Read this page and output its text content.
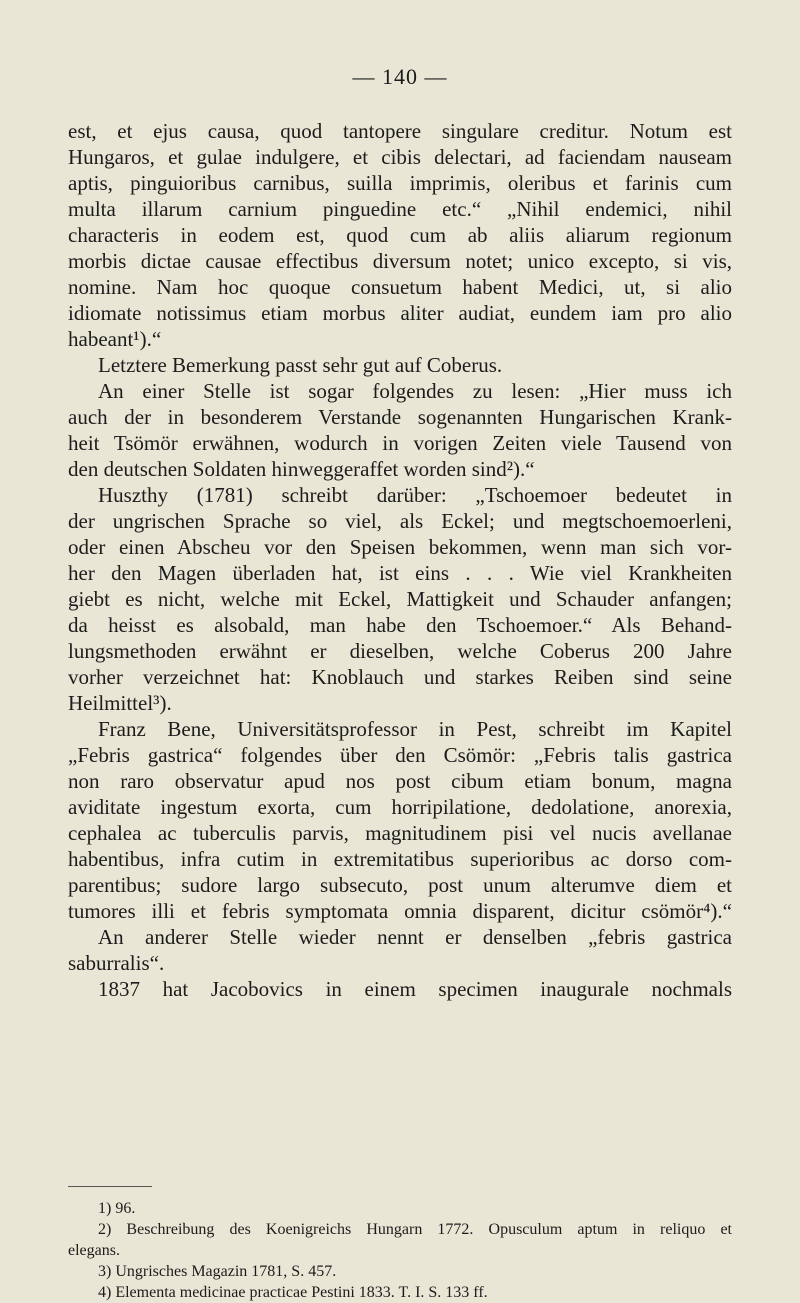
— 140 —
est, et ejus causa, quod tantopere singulare creditur. Notum est
Hungaros, et gulae indulgere, et cibis delectari, ad faciendam nauseam
aptis, pinguioribus carnibus, suilla imprimis, oleribus et farinis cum
multa illarum carnium pinguedine etc.“ „Nihil endemici, nihil
characteris in eodem est, quod cum ab aliis aliarum regionum
morbis dictae causae effectibus diversum notet; unico excepto, si vis,
nomine. Nam hoc quoque consuetum habent Medici, ut, si alio
idiomate notissimus etiam morbus aliter audiat, eundem iam pro alio
habeant¹).“
Letztere Bemerkung passt sehr gut auf Coberus.
An einer Stelle ist sogar folgendes zu lesen: „Hier muss ich
auch der in besonderem Verstande sogenannten Hungarischen Krank-
heit Tsömör erwähnen, wodurch in vorigen Zeiten viele Tausend von
den deutschen Soldaten hinweggeraffet worden sind²).“
Huszthy (1781) schreibt darüber: „Tschoemoer bedeutet in
der ungrischen Sprache so viel, als Eckel; und megtschoemoerleni,
oder einen Abscheu vor den Speisen bekommen, wenn man sich vor-
her den Magen überladen hat, ist eins . . . Wie viel Krankheiten
giebt es nicht, welche mit Eckel, Mattigkeit und Schauder anfangen;
da heisst es alsobald, man habe den Tschoemoer.“ Als Behand-
lungsmethoden erwähnt er dieselben, welche Coberus 200 Jahre
vorher verzeichnet hat: Knoblauch und starkes Reiben sind seine
Heilmittel³).
Franz Bene, Universitätsprofessor in Pest, schreibt im Kapitel
„Febris gastrica“ folgendes über den Csömör: „Febris talis gastrica
non raro observatur apud nos post cibum etiam bonum, magna
aviditate ingestum exorta, cum horripilatione, dedolatione, anorexia,
cephalea ac tuberculis parvis, magnitudinem pisi vel nucis avellanae
habentibus, infra cutim in extremitatibus superioribus ac dorso com-
parentibus; sudore largo subsecuto, post unum alterumve diem et
tumores illi et febris symptomata omnia disparent, dicitur csömör⁴).“
An anderer Stelle wieder nennt er denselben „febris gastrica
saburralis“.
1837 hat Jacobovics in einem specimen inaugurale nochmals
1) 96.
2) Beschreibung des Koenigreichs Hungarn 1772. Opusculum aptum in reliquo et
elegans.
3) Ungrisches Magazin 1781, S. 457.
4) Elementa medicinae practicae Pestini 1833. T. I. S. 133 ff.
